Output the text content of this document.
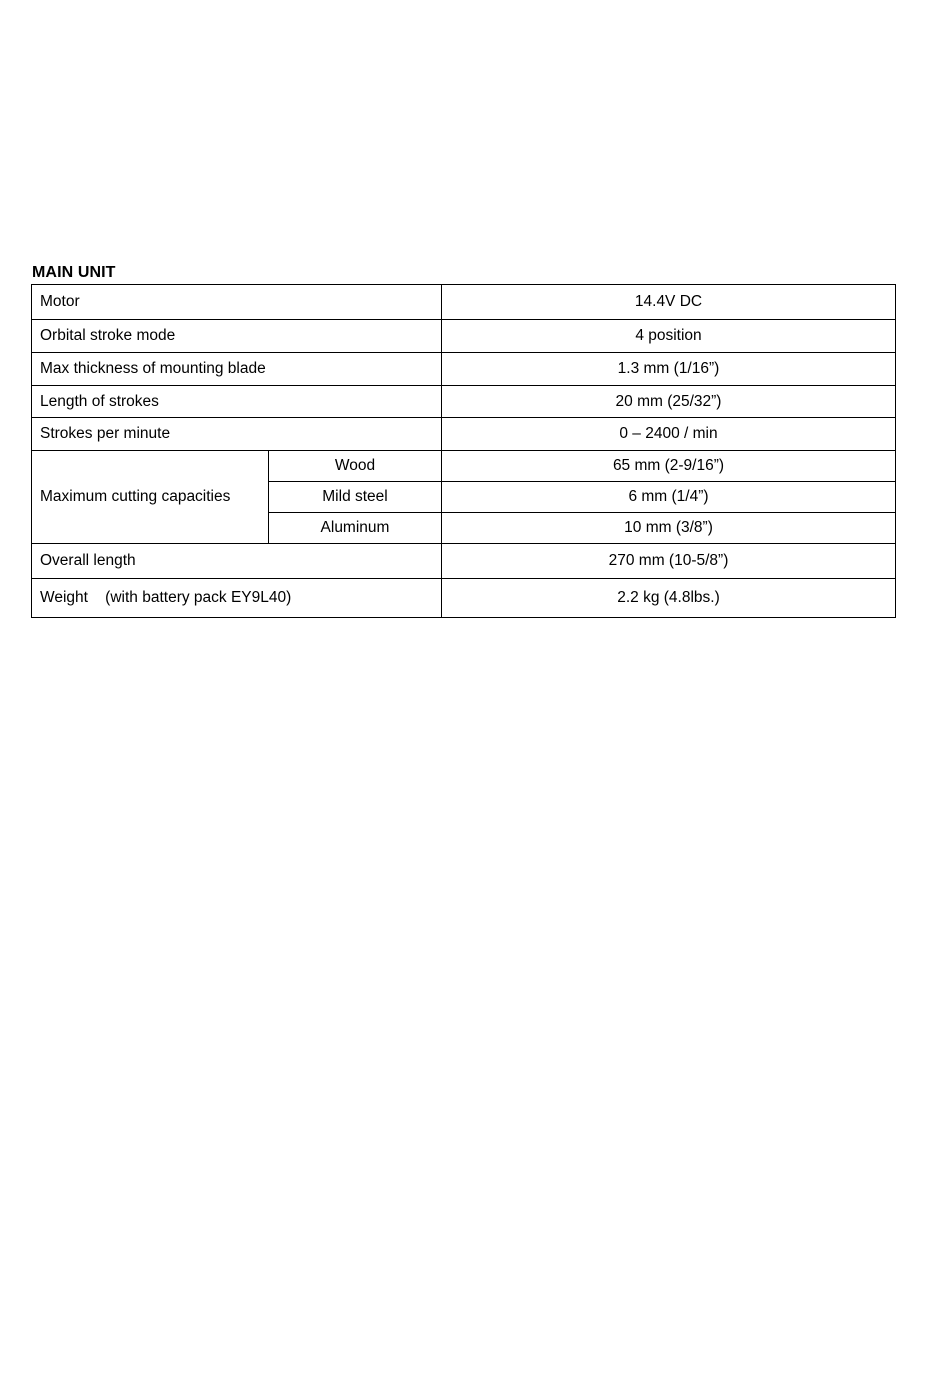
MAIN UNIT
Motor		14.4V DC
Orbital stroke mode		4 position
Max thickness of mounting blade		1.3 mm (1/16”)
Length of strokes		20 mm (25/32”)
Strokes per minute		0 – 2400 / min
Maximum cutting capacities	Wood	65 mm (2-9/16”)
	Mild steel	6 mm (1/4”)
	Aluminum	10 mm (3/8”)
Overall length		270 mm (10-5/8”)
Weight    (with battery pack EY9L40)		2.2 kg (4.8lbs.)
